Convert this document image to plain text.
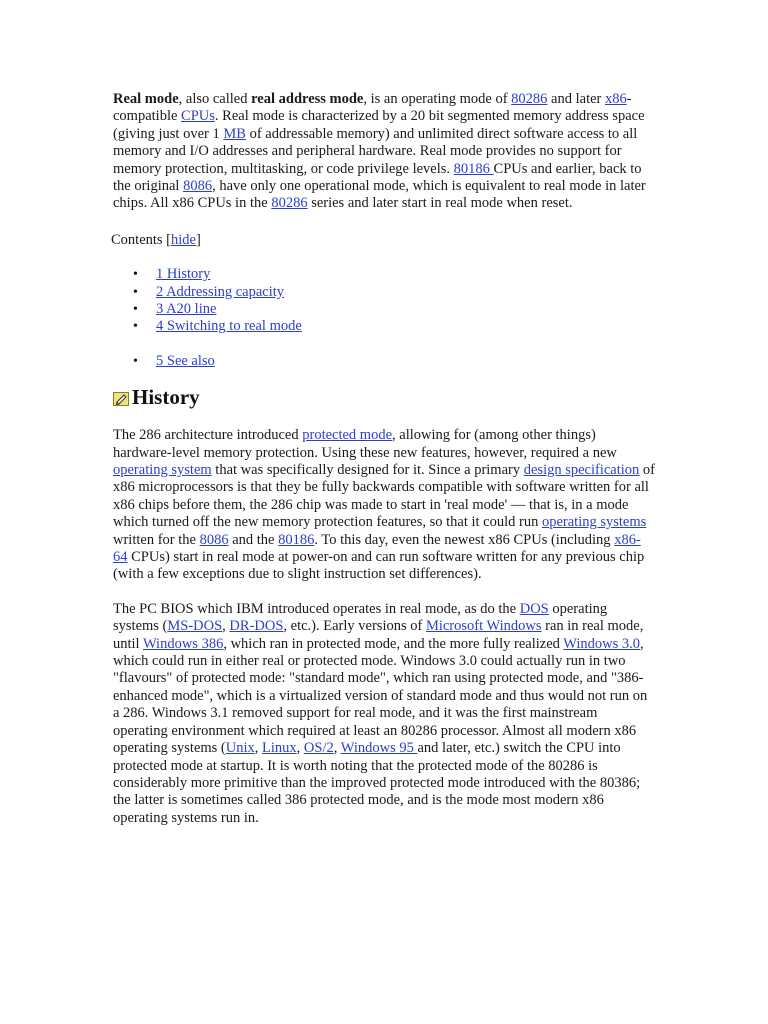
Real mode, also called real address mode, is an operating mode of 80286 and later x86-compatible CPUs. Real mode is characterized by a 20 bit segmented memory address space (giving just over 1 MB of addressable memory) and unlimited direct software access to all memory and I/O addresses and peripheral hardware. Real mode provides no support for memory protection, multitasking, or code privilege levels. 80186 CPUs and earlier, back to the original 8086, have only one operational mode, which is equivalent to real mode in later chips. All x86 CPUs in the 80286 series and later start in real mode when reset.

Contents [hide]

• 1 History
• 2 Addressing capacity
• 3 A20 line
• 4 Switching to real mode
• 5 See also
History

The 286 architecture introduced protected mode, allowing for (among other things) hardware-level memory protection. Using these new features, however, required a new operating system that was specifically designed for it. Since a primary design specification of x86 microprocessors is that they be fully backwards compatible with software written for all x86 chips before them, the 286 chip was made to start in 'real mode' — that is, in a mode which turned off the new memory protection features, so that it could run operating systems written for the 8086 and the 80186. To this day, even the newest x86 CPUs (including x86-64 CPUs) start in real mode at power-on and can run software written for any previous chip (with a few exceptions due to slight instruction set differences).

The PC BIOS which IBM introduced operates in real mode, as do the DOS operating systems (MS-DOS, DR-DOS, etc.). Early versions of Microsoft Windows ran in real mode, until Windows 386, which ran in protected mode, and the more fully realized Windows 3.0, which could run in either real or protected mode. Windows 3.0 could actually run in two "flavours" of protected mode: "standard mode", which ran using protected mode, and "386-enhanced mode", which is a virtualized version of standard mode and thus would not run on a 286. Windows 3.1 removed support for real mode, and it was the first mainstream operating environment which required at least an 80286 processor. Almost all modern x86 operating systems (Unix, Linux, OS/2, Windows 95 and later, etc.) switch the CPU into protected mode at startup. It is worth noting that the protected mode of the 80286 is considerably more primitive than the improved protected mode introduced with the 80386; the latter is sometimes called 386 protected mode, and is the mode most modern x86 operating systems run in.
